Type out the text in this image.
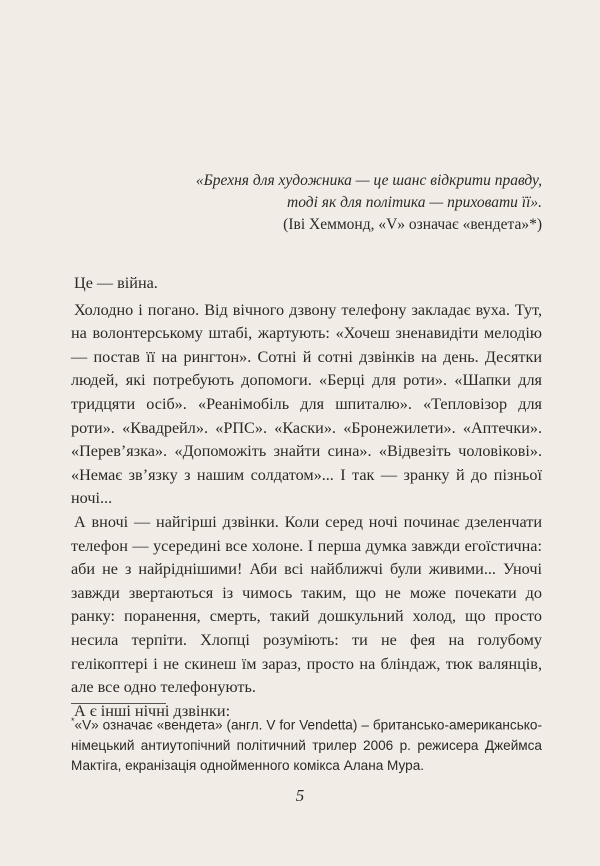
«Брехня для художника — це шанс відкрити правду,
тоді як для політика — приховати її».
(Іві Хеммонд, «V» означає «вендета»*)

Це — війна.

Холодно і погано. Від вічного дзвону телефону закладає вуха. Тут, на волонтерському штабі, жартують: «Хочеш зненавидіти мелодію — постав її на рингтон». Сотні й сотні дзвінків на день. Десятки людей, які потребують допомоги. «Берці для роти». «Шапки для тридцяти осіб». «Реанімобіль для шпиталю». «Тепловізор для роти». «Квадрейл». «РПС». «Каски». «Бронежилети». «Аптечки». «Перев’язка». «Допоможіть знайти сина». «Відвезіть чоловікові». «Немає зв’язку з нашим солдатом»... І так — зранку й до пізньої ночі...

А вночі — найгірші дзвінки. Коли серед ночі починає дзеленчати телефон — усередині все холоне. І перша думка завжди егоїстична: аби не з найріднішими! Аби всі найближчі були живими... Уночі завжди звертаються із чимось таким, що не може почекати до ранку: поранення, смерть, такий дошкульний холод, що просто несила терпіти. Хлопці розуміють: ти не фея на голубому гелікоптері і не скинеш їм зараз, просто на бліндаж, тюк валянців, але все одно телефонують.

А є інші нічні дзвінки:

*«V» означає «вендета» (англ. V for Vendetta) – британсько-американсько-німецький антиутопічний політичний трилер 2006 р. режисера Джеймса Мактіга, екранізація однойменного комікса Алана Мура.

5
